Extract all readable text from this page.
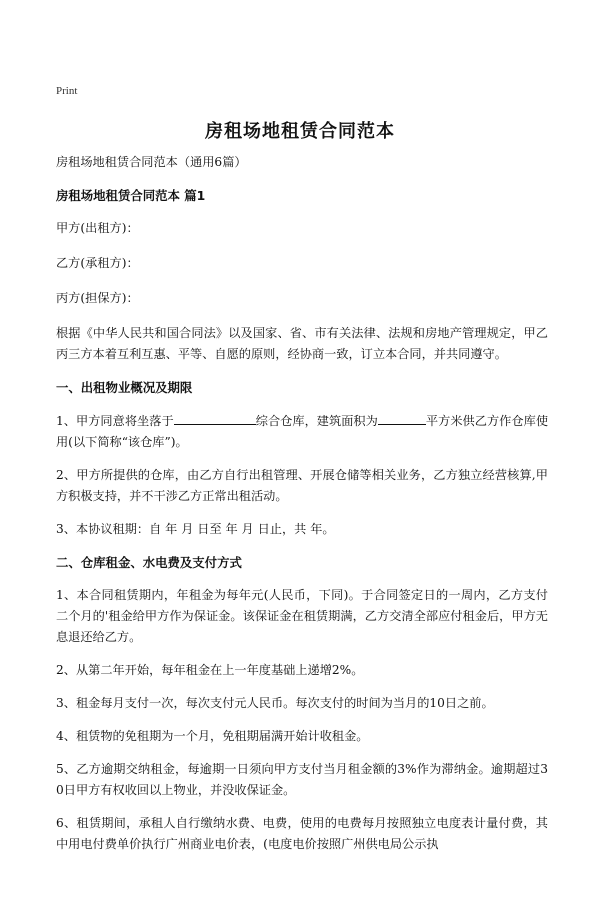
Print
房租场地租赁合同范本

房租场地租赁合同范本（通用6篇）

房租场地租赁合同范本 篇1

甲方(出租方)：

乙方(承租方)：

丙方(担保方)：

根据《中华人民共和国合同法》以及国家、省、市有关法律、法规和房地产管理规定，甲乙丙三方本着互利互惠、平等、自愿的原则，经协商一致，订立本合同，并共同遵守。

一、出租物业概况及期限

1、甲方同意将坐落于	综合仓库，建筑面积为	平方米供乙方作仓库使用(以下简称“该仓库”)。

2、甲方所提供的仓库，由乙方自行出租管理、开展仓储等相关业务，乙方独立经营核算,甲方积极支持，并不干涉乙方正常出租活动。

3、本协议租期：自 年 月 日至 年 月 日止，共 年。

二、仓库租金、水电费及支付方式

1、本合同租赁期内，年租金为每年元(人民币，下同)。于合同签定日的一周内，乙方支付二个月的'租金给甲方作为保证金。该保证金在租赁期满，乙方交清全部应付租金后，甲方无息退还给乙方。

2、从第二年开始，每年租金在上一年度基础上递增2%。

3、租金每月支付一次，每次支付元人民币。每次支付的时间为当月的10日之前。

4、租赁物的免租期为一个月，免租期届满开始计收租金。

5、乙方逾期交纳租金，每逾期一日须向甲方支付当月租金额的3%作为滞纳金。逾期超过30日甲方有权收回以上物业，并没收保证金。

6、租赁期间，承租人自行缴纳水费、电费，使用的电费每月按照独立电度表计量付费，其中用电付费单价执行广州商业电价表，(电度电价按照广州供电局公示执
